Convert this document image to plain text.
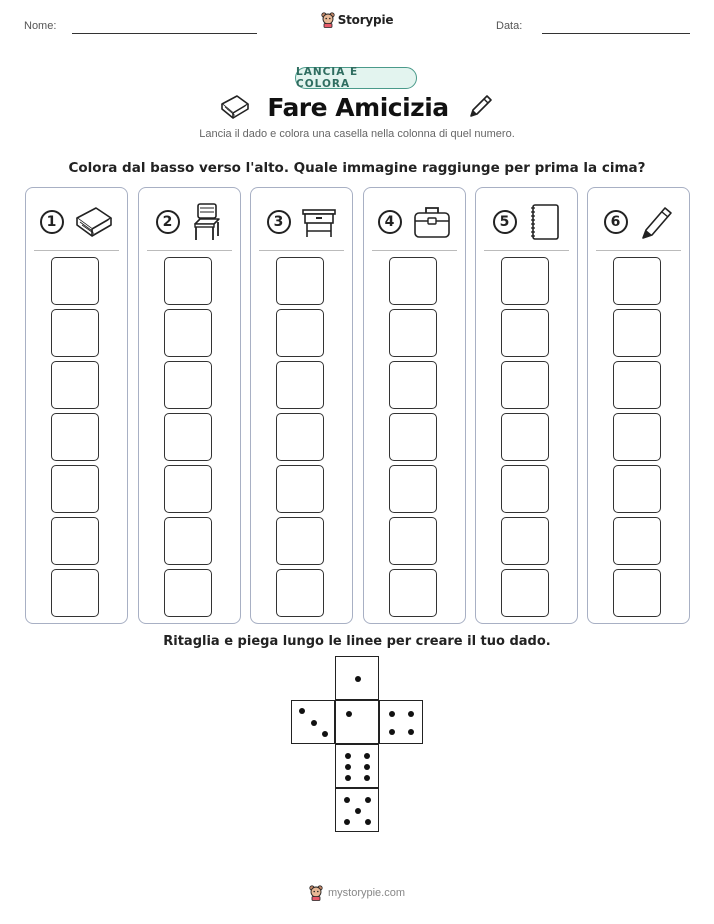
Nome:	Storypie	Data:
LANCIA E COLORA
Fare Amicizia
Lancia il dado e colora una casella nella colonna di quel numero.
Colora dal basso verso l'alto. Quale immagine raggiunge per prima la cima?
1	2	3	4	5	6
Ritaglia e piega lungo le linee per creare il tuo dado.
mystorypie.com
